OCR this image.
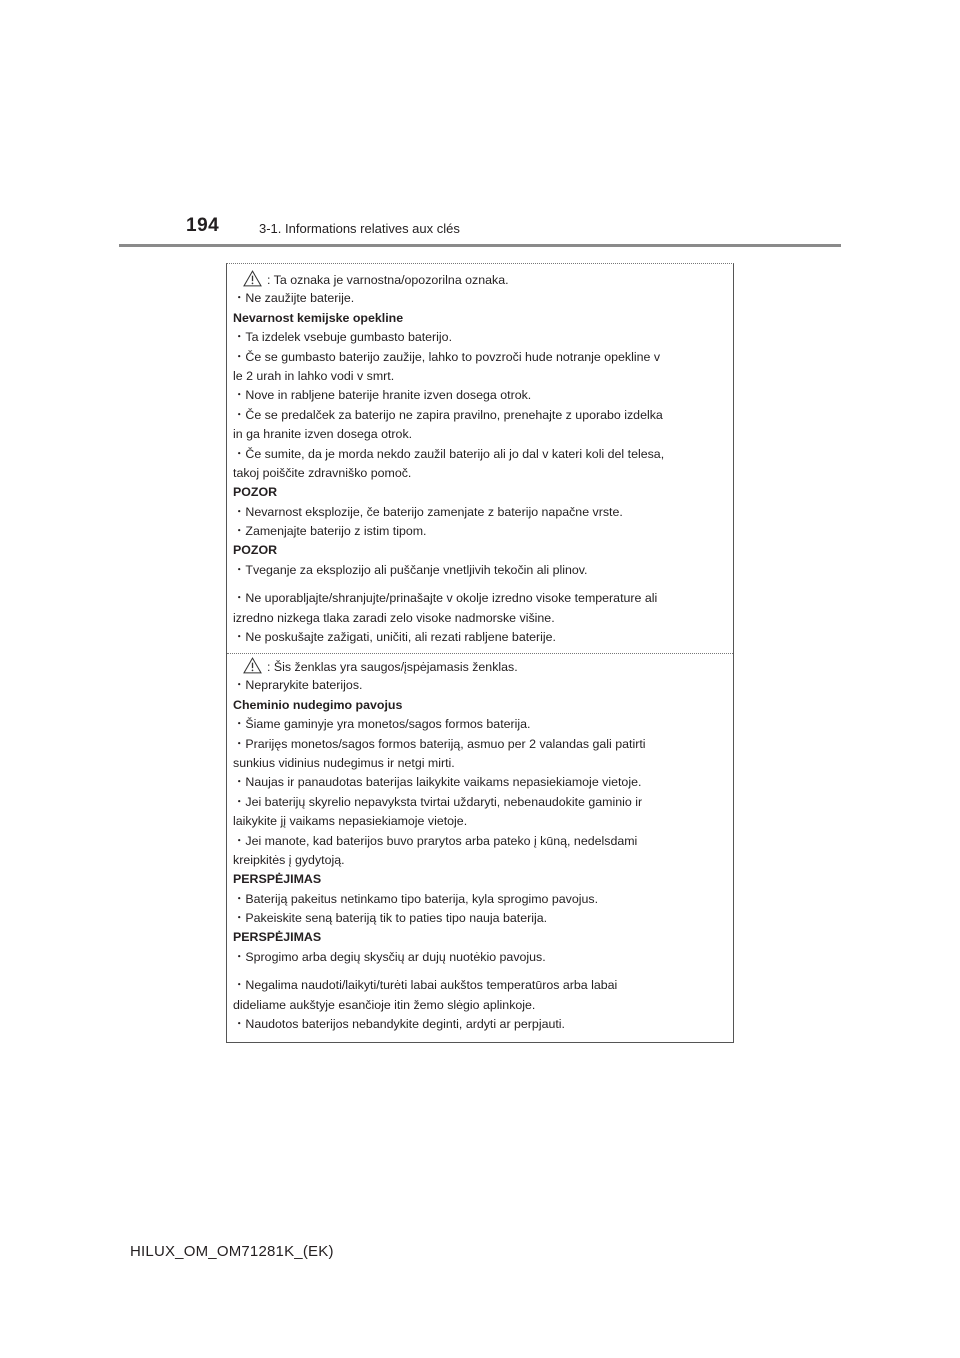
194	3-1. Informations relatives aux clés
: Ta oznaka je varnostna/opozorilna oznaka.
・Ne zaužijte baterije.
Nevarnost kemijske opekline
・Ta izdelek vsebuje gumbasto baterijo.
・Če se gumbasto baterijo zaužije, lahko to povzroči hude notranje opekline v
le 2 urah in lahko vodi v smrt.
・Nove in rabljene baterije hranite izven dosega otrok.
・Če se predalček za baterijo ne zapira pravilno, prenehajte z uporabo izdelka
in ga hranite izven dosega otrok.
・Če sumite, da je morda nekdo zaužil baterijo ali jo dal v kateri koli del telesa,
takoj poiščite zdravniško pomoč.
POZOR
・Nevarnost eksplozije, če baterijo zamenjate z baterijo napačne vrste.
・Zamenjajte baterijo z istim tipom.
POZOR
・Tveganje za eksplozijo ali puščanje vnetljivih tekočin ali plinov.
・Ne uporabljajte/shranjujte/prinašajte v okolje izredno visoke temperature ali
izredno nizkega tlaka zaradi zelo visoke nadmorske višine.
・Ne poskušajte zažigati, uničiti, ali rezati rabljene baterije.
: Šis ženklas yra saugos/įspėjamasis ženklas.
・Neprarykite baterijos.
Cheminio nudegimo pavojus
・Šiame gaminyje yra monetos/sagos formos baterija.
・Prarijęs monetos/sagos formos bateriją, asmuo per 2 valandas gali patirti
sunkius vidinius nudegimus ir netgi mirti.
・Naujas ir panaudotas baterijas laikykite vaikams nepasiekiamoje vietoje.
・Jei baterijų skyrelio nepavyksta tvirtai uždaryti, nebenaudokite gaminio ir
laikykite jį vaikams nepasiekiamoje vietoje.
・Jei manote, kad baterijos buvo prarytos arba pateko į kūną, nedelsdami
kreipkitės į gydytoją.
PERSPĖJIMAS
・Bateriją pakeitus netinkamo tipo baterija, kyla sprogimo pavojus.
・Pakeiskite seną bateriją tik to paties tipo nauja baterija.
PERSPĖJIMAS
・Sprogimo arba degių skysčių ar dujų nuotėkio pavojus.
・Negalima naudoti/laikyti/turėti labai aukštos temperatūros arba labai
dideliame aukštyje esančioje itin žemo slėgio aplinkoje.
・Naudotos baterijos nebandykite deginti, ardyti ar perpjauti.
HILUX_OM_OM71281K_(EK)
